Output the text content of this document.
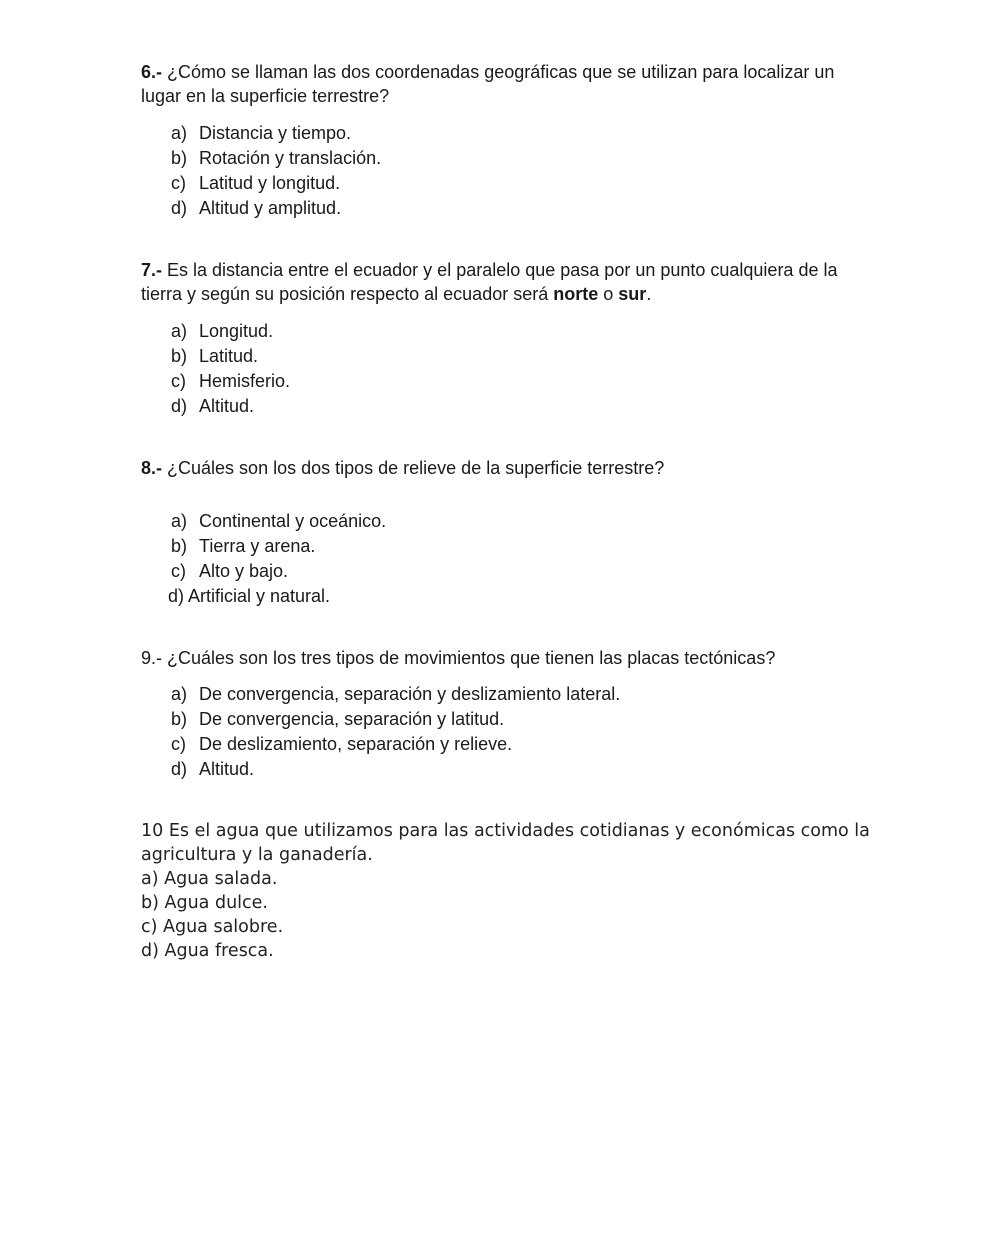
6.- ¿Cómo se llaman las dos coordenadas geográficas que se utilizan para localizar un lugar en la superficie terrestre?

a) Distancia y tiempo.
b) Rotación y translación.
c) Latitud y longitud.
d) Altitud y amplitud.

7.- Es la distancia entre el ecuador y el paralelo que pasa por un punto cualquiera de la tierra y según su posición respecto al ecuador será norte o sur.

a) Longitud.
b) Latitud.
c) Hemisferio.
d) Altitud.

8.- ¿Cuáles son los dos tipos de relieve de la superficie terrestre?

a) Continental y oceánico.
b) Tierra y arena.
c) Alto y bajo.
d) Artificial y natural.

9.- ¿Cuáles son los tres tipos de movimientos que tienen las placas tectónicas?

a) De convergencia, separación y deslizamiento lateral.
b) De convergencia, separación y latitud.
c) De deslizamiento, separación y relieve.
d) Altitud.
10 Es el agua que utilizamos para las actividades cotidianas y económicas como la agricultura y la ganadería.
a) Agua salada.
b) Agua dulce.
c) Agua salobre.
d) Agua fresca.
